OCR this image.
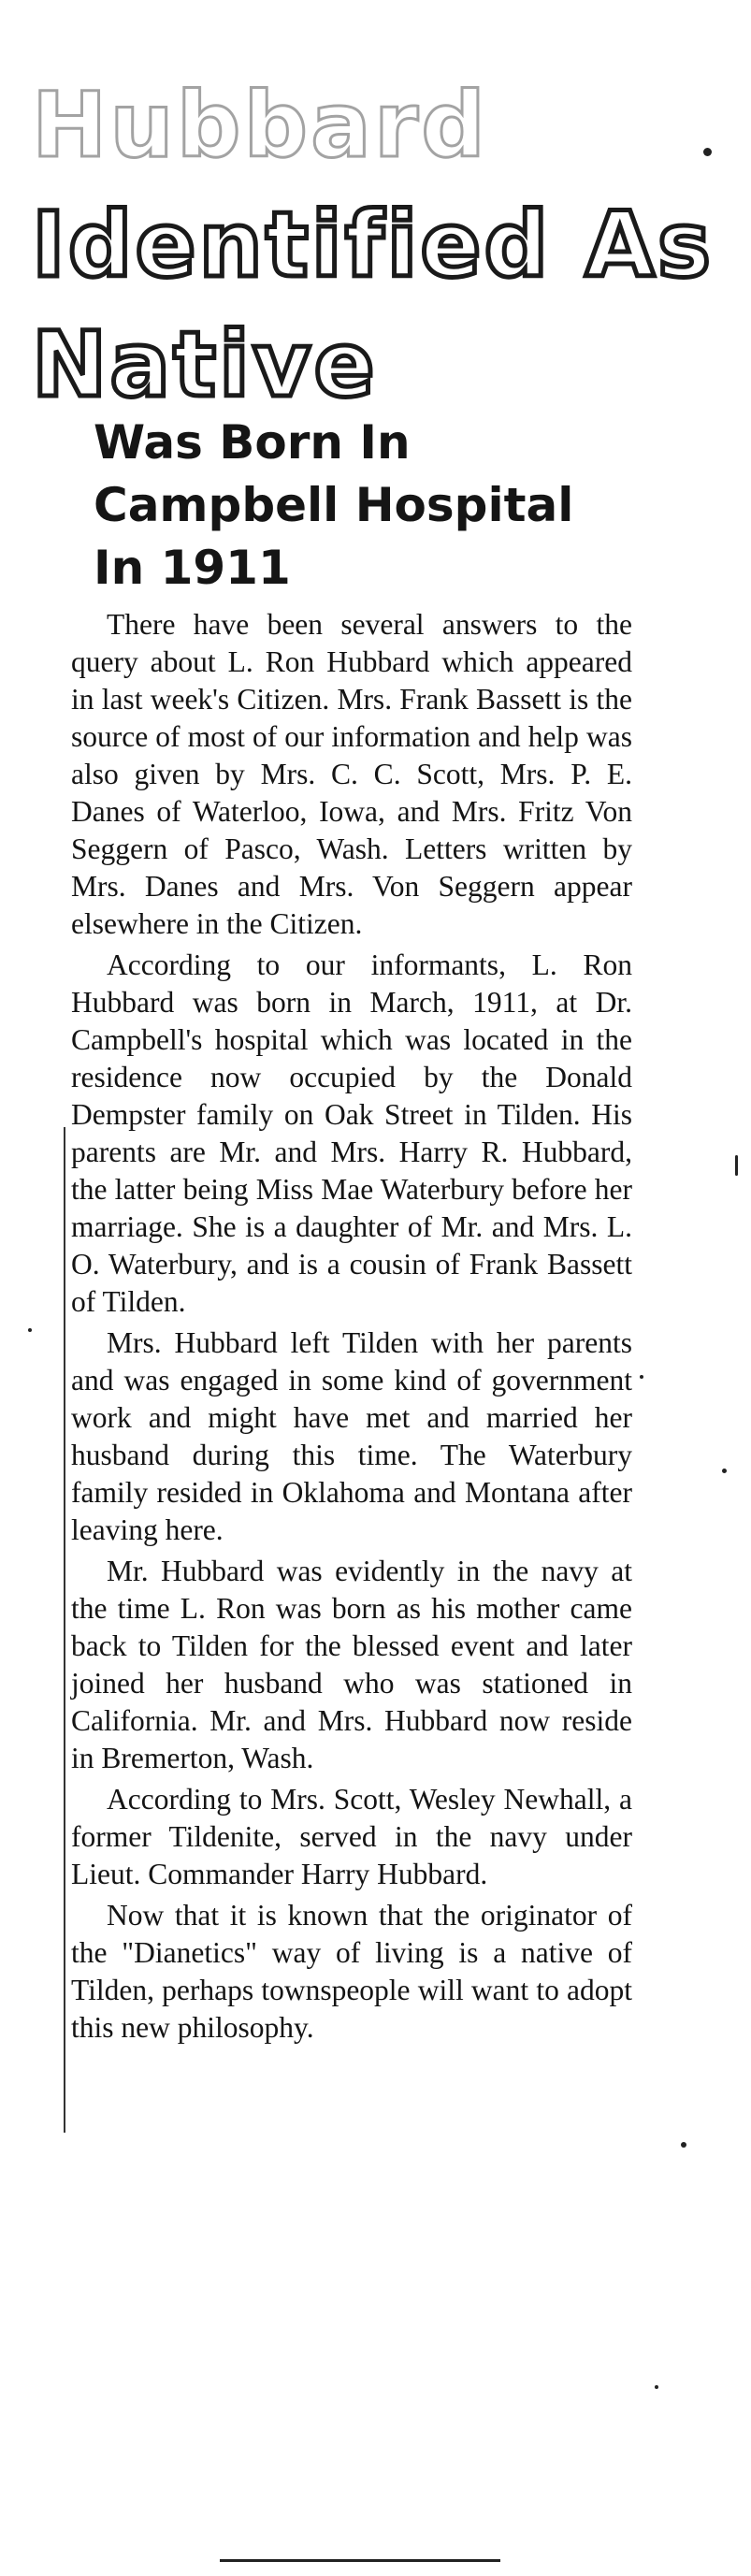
Hubbard
Identified As
Native
Was Born In
Campbell Hospital
In 1911

There have been several answers to the query about L. Ron Hubbard which appeared in last week's Citizen. Mrs. Frank Bassett is the source of most of our information and help was also given by Mrs. C. C. Scott, Mrs. P. E. Danes of Waterloo, Iowa, and Mrs. Fritz Von Seggern of Pasco, Wash. Letters written by Mrs. Danes and Mrs. Von Seggern appear elsewhere in the Citizen.

According to our informants, L. Ron Hubbard was born in March, 1911, at Dr. Campbell's hospital which was located in the residence now occupied by the Donald Dempster family on Oak Street in Tilden. His parents are Mr. and Mrs. Harry R. Hubbard, the latter being Miss Mae Waterbury before her marriage. She is a daughter of Mr. and Mrs. L. O. Waterbury, and is a cousin of Frank Bassett of Tilden.

Mrs. Hubbard left Tilden with her parents and was engaged in some kind of government work and might have met and married her husband during this time. The Waterbury family resided in Oklahoma and Montana after leaving here.

Mr. Hubbard was evidently in the navy at the time L. Ron was born as his mother came back to Tilden for the blessed event and later joined her husband who was stationed in California. Mr. and Mrs. Hubbard now reside in Bremerton, Wash.

According to Mrs. Scott, Wesley Newhall, a former Tildenite, served in the navy under Lieut. Commander Harry Hubbard.

Now that it is known that the originator of the "Dianetics" way of living is a native of Tilden, perhaps townspeople will want to adopt this new philosophy.
